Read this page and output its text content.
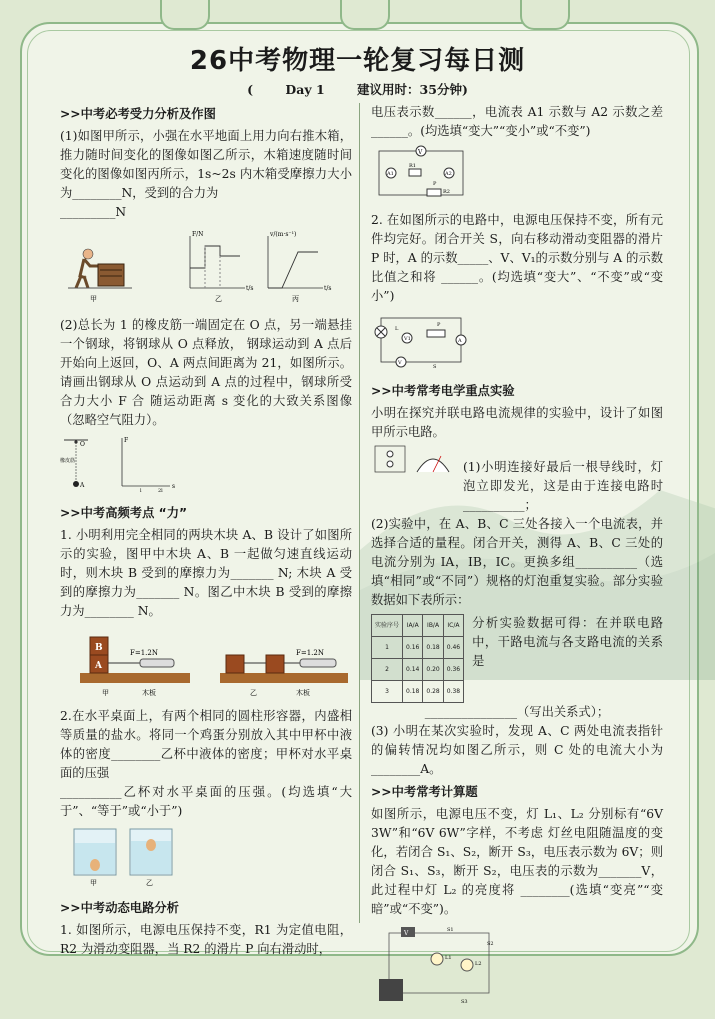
26中考物理一轮复习每日测
(	Day 1	建议用时：35分钟)
>>中考必考受力分析及作图

(1)如图甲所示，小强在水平地面上用力向右推木箱，推力随时间变化的图像如图乙所示，木箱速度随时间变化的图像如图丙所示，1s~2s 内木箱受摩擦力大小为________N，受到的合力为

_________N

甲
F/N
t/s
乙
v/(m·s⁻¹)
t/s
丙

(2)总长为 1 的橡皮筋一端固定在 O 点，另一端悬挂一个钢球，将钢球从 O 点释放， 钢球运动到 A 点后开始向上返回，O、A 两点间距离为 21，如图所示。请画出钢球从 O 点运动到 A 点的过程中，钢球所受合力大小 F 合 随运动距离 s 变化的大致关系图像（忽略空气阻力）。

O
A
橡皮筋
F
s
l	2l
>>中考高频考点 “力”

1. 小明利用完全相同的两块木块 A、B 设计了如图所示的实验，图甲中木块 A、B 一起做匀速直线运动时，则木块 B 受到的摩擦力为_______ N; 木块 A 受到的摩擦力为_______ N。图乙中木块 B 受到的摩擦力为________ N。

A
B	F=1.2N
甲	木板
F=1.2N
乙	木板

2.在水平桌面上，有两个相同的圆柱形容器，内盛相等质量的盐水。将同一个鸡蛋分别放入其中甲杯中液体的密度________乙杯中液体的密度；甲杯对水平桌面的压强

__________乙杯对水平桌面的压强。(均选填“大于”、“等于”或“小于”)

甲	乙
>>中考动态电路分析

1. 如图所示，电源电压保持不变，R1 为定值电阻，R2 为滑动变阻器，当 R2 的滑片 P 向右滑动时，

电压表示数______，电流表 A1 示数与 A2 示数之差______。(均选填“变大”“变小”或“不变”)

V
A1	A2
R1
R2
P

2. 在如图所示的电路中，电源电压保持不变，所有元件均完好。闭合开关 S，向右移动滑动变阻器的滑片 P 时，A 的示数_____、V、V₁的示数分别与 A 的示数比值之和将 ______。(均选填“变大”、“不变”或“变小”)

L
V1
P
V
A
S
>>中考常考电学重点实验

小明在探究并联电路电流规律的实验中，设计了如图甲所示电路。

(1)小明连接好最后一根导线时，灯泡立即发光，这是由于连接电路时__________；

(2)实验中，在 A、B、C 三处各接入一个电流表，并选择合适的量程。闭合开关，测得 A、B、C 三处的电流分别为 IA，IB，IC。更换多组__________（选填“相同”或“不同”）规格的灯泡重复实验。部分实验数据如下表所示：

实验序号	IA/A	IB/A	IC/A
1	0.16	0.18	0.46
2	0.14	0.20	0.36
3	0.18	0.28	0.38

分析实验数据可得：在并联电路中，干路电流与各支路电流的关系是

_______________（写出关系式）；

(3) 小明在某次实验时，发现 A、C 两处电流表指针的偏转情况均如图乙所示，则 C 处的电流大小为 ________A。

>>中考常考计算题

如图所示，电源电压不变，灯 L₁、L₂ 分别标有“6V 3W”和“6V 6W”字样，不考虑 灯丝电阻随温度的变化，若闭合 S₁、S₂，断开 S₃，电压表示数为 6V；则闭合 S₁、S₃，断开 S₂，电压表的示数为_______V，此过程中灯 L₂ 的亮度将 ________(选填“变亮”“变暗”或“不变”)。

V
L1
L2
S1
S2
S3
